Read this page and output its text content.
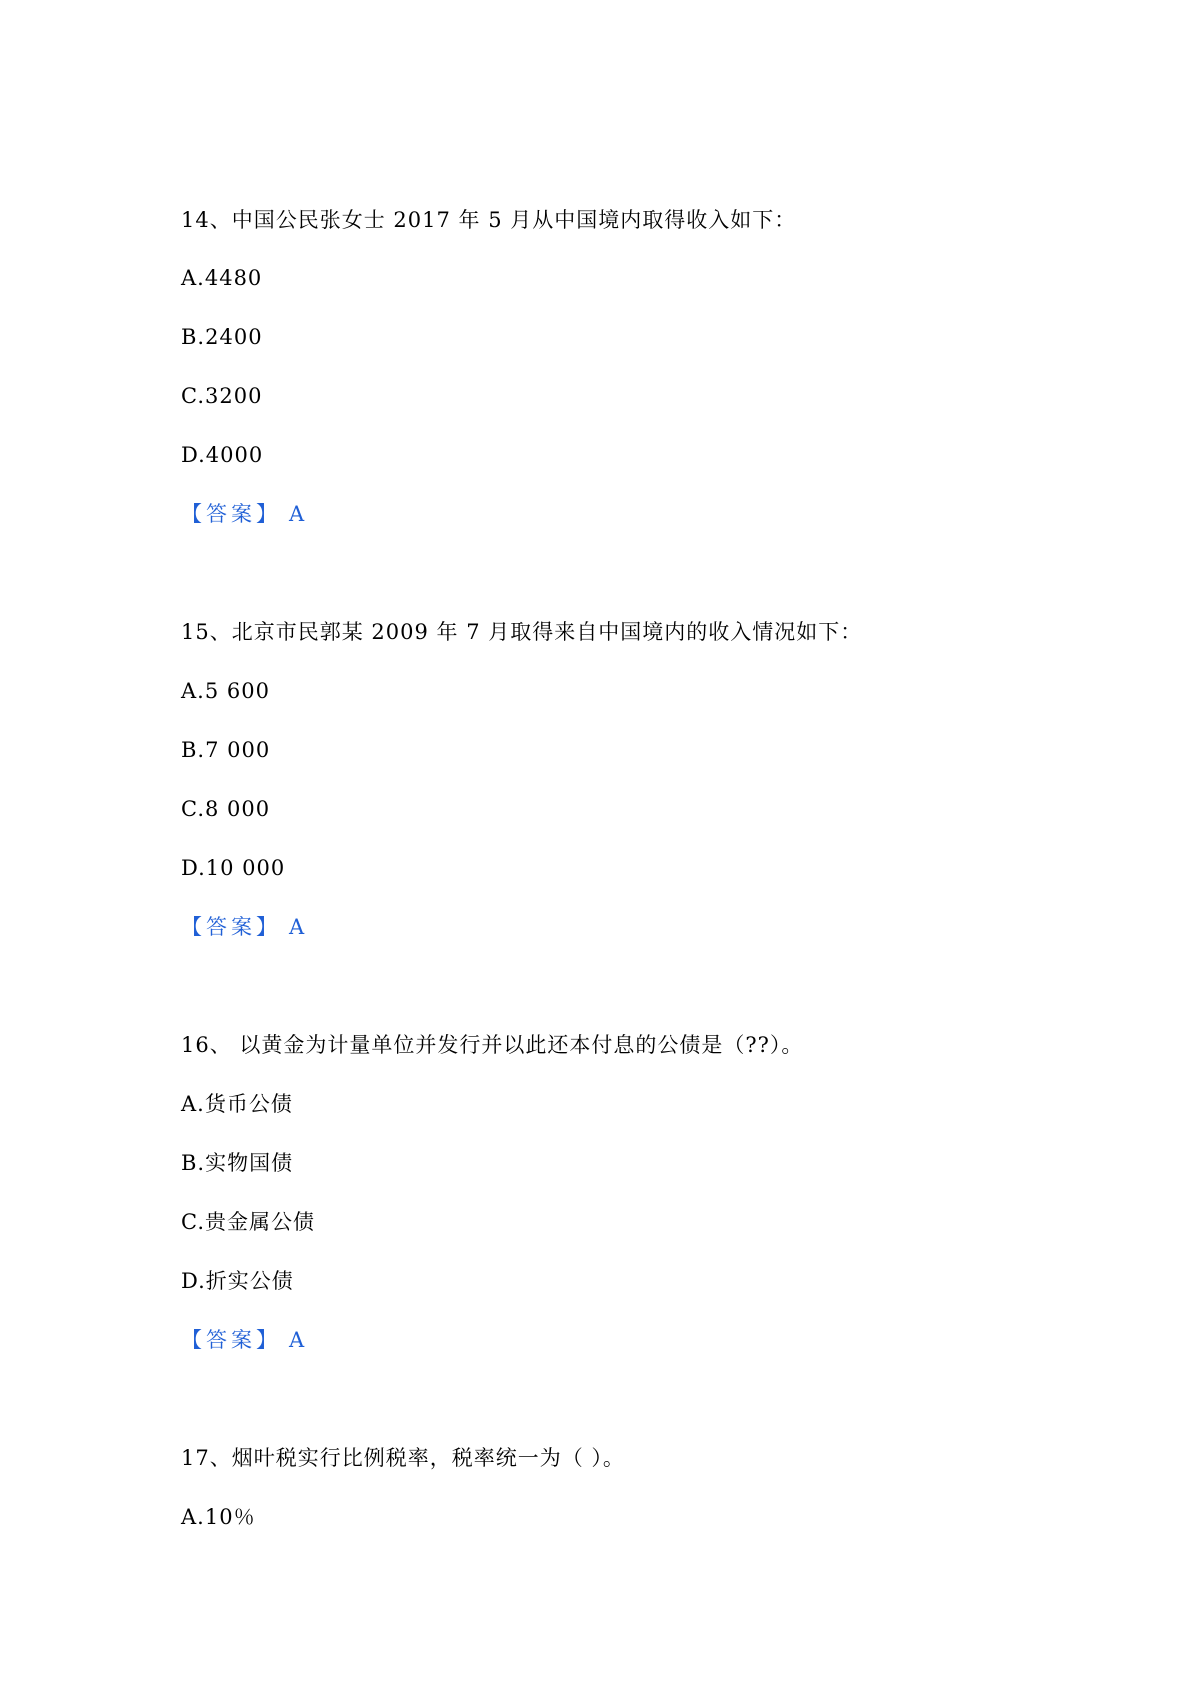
14、中国公民张女士 2017 年 5 月从中国境内取得收入如下：
A.4480
B.2400
C.3200
D.4000
【答案】 A
15、北京市民郭某 2009 年 7 月取得来自中国境内的收入情况如下：
A.5 600
B.7 000
C.8 000
D.10 000
【答案】 A
16、 以黄金为计量单位并发行并以此还本付息的公债是（??）。
A.货币公债
B.实物国债
C.贵金属公债
D.折实公债
【答案】 A
17、烟叶税实行比例税率，税率统一为（ ）。
A.10％
